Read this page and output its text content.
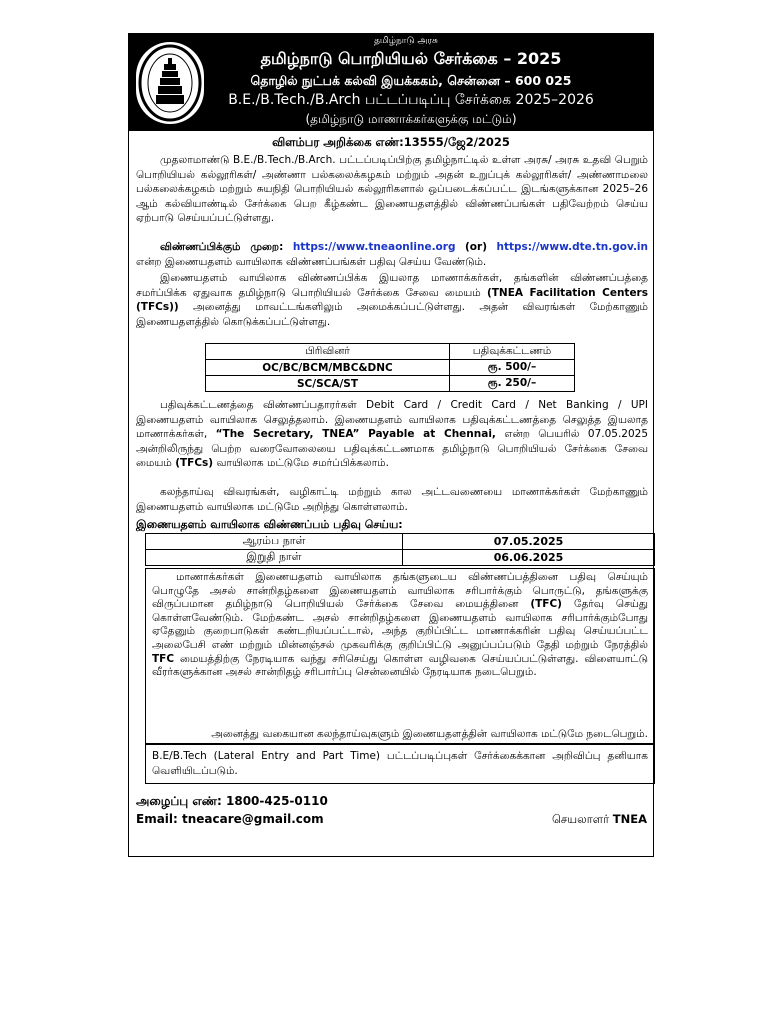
தமிழ்நாடு அரசு
தமிழ்நாடு பொறியியல் சேர்க்கை – 2025
தொழில் நுட்பக் கல்வி இயக்ககம், சென்னை – 600 025
B.E./B.Tech./B.Arch பட்டப்படிப்பு சேர்க்கை 2025–2026
(தமிழ்நாடு மாணாக்கர்களுக்கு மட்டும்)
விளம்பர அறிக்கை எண்:13555/ஜே2/2025

முதலாமாண்டு B.E./B.Tech./B.Arch. பட்டப்படிப்பிற்கு தமிழ்நாட்டில் உள்ள அரசு/ அரசு உதவி பெறும் பொறியியல் கல்லூரிகள்/ அண்ணா பல்கலைக்கழகம் மற்றும் அதன் உறுப்புக் கல்லூரிகள்/ அண்ணாமலை பல்கலைக்கழகம் மற்றும் சுயநிதி பொறியியல் கல்லூரிகளால் ஒப்படைக்கப்பட்ட இடங்களுக்கான 2025–26 ஆம் கல்வியாண்டில் சேர்க்கை பெற கீழ்கண்ட இணையதளத்தில் விண்ணப்பங்கள் பதிவேற்றம் செய்ய ஏற்பாடு செய்யப்பட்டுள்ளது.

விண்ணப்பிக்கும் முறை: https://www.tneaonline.org (or) https://www.dte.tn.gov.in என்ற இணையதளம் வாயிலாக விண்ணப்பங்கள் பதிவு செய்ய வேண்டும்.

இணையதளம் வாயிலாக விண்ணப்பிக்க இயலாத மாணாக்கர்கள், தங்களின் விண்ணப்பத்தை சமர்ப்பிக்க ஏதுவாக தமிழ்நாடு பொறியியல் சேர்க்கை சேவை மையம் (TNEA Facilitation Centers (TFCs)) அனைத்து மாவட்டங்களிலும் அமைக்கப்பட்டுள்ளது. அதன் விவரங்கள் மேற்காணும் இணையதளத்தில் கொடுக்கப்பட்டுள்ளது.

பிரிவினர்	பதிவுக்கட்டணம்
OC/BC/BCM/MBC&DNC	ரூ. 500/–
SC/SCA/ST	ரூ. 250/–

பதிவுக்கட்டணத்தை விண்ணப்பதாரர்கள் Debit Card / Credit Card / Net Banking / UPI இணையதளம் வாயிலாக செலுத்தலாம். இணையதளம் வாயிலாக பதிவுக்கட்டணத்தை செலுத்த இயலாத மாணாக்கர்கள், “The Secretary, TNEA” Payable at Chennai, என்ற பெயரில் 07.05.2025 அன்றிலிருந்து பெற்ற வரைவோலையை பதிவுக்கட்டணமாக தமிழ்நாடு பொறியியல் சேர்க்கை சேவை மையம் (TFCs) வாயிலாக மட்டுமே சமர்ப்பிக்கலாம்.

கலந்தாய்வு விவரங்கள், வழிகாட்டி மற்றும் கால அட்டவணையை மாணாக்கர்கள் மேற்காணும் இணையதளம் வாயிலாக மட்டுமே அறிந்து கொள்ளலாம்.

இணையதளம் வாயிலாக விண்ணப்பம் பதிவு செய்ய:
ஆரம்ப நாள்	07.05.2025
இறுதி நாள்	06.06.2025

மாணாக்கர்கள் இணையதளம் வாயிலாக தங்களுடைய விண்ணப்பத்தினை பதிவு செய்யும் பொழுதே அசல் சான்றிதழ்களை இணையதளம் வாயிலாக சரிபார்க்கும் பொருட்டு, தங்களுக்கு விருப்பமான தமிழ்நாடு பொறியியல் சேர்க்கை சேவை மையத்தினை (TFC) தேர்வு செய்து கொள்ளவேண்டும். மேற்கண்ட அசல் சான்றிதழ்களை இணையதளம் வாயிலாக சரிபார்க்கும்போது ஏதேனும் குறைபாடுகள் கண்டறியப்பட்டால், அந்த குறிப்பிட்ட மாணாக்கரின் பதிவு செய்யப்பட்ட அலைபேசி எண் மற்றும் மின்னஞ்சல் முகவரிக்கு குறிப்பிட்டு அனுப்பப்படும் தேதி மற்றும் நேரத்தில் TFC மையத்திற்கு நேரடியாக வந்து சரிசெய்து கொள்ள வழிவகை செய்யப்பட்டுள்ளது. விளையாட்டு வீரர்களுக்கான அசல் சான்றிதழ் சரிபார்ப்பு சென்னையில் நேரடியாக நடைபெறும்.

அனைத்து வகையான கலந்தாய்வுகளும் இணையதளத்தின் வாயிலாக மட்டுமே நடைபெறும்.

B.E/B.Tech (Lateral Entry and Part Time) பட்டப்படிப்புகள் சேர்க்கைக்கான அறிவிப்பு தனியாக வெளியிடப்படும்.

அழைப்பு எண்: 1800-425-0110
Email: tneacare@gmail.com	செயலாளர் TNEA
